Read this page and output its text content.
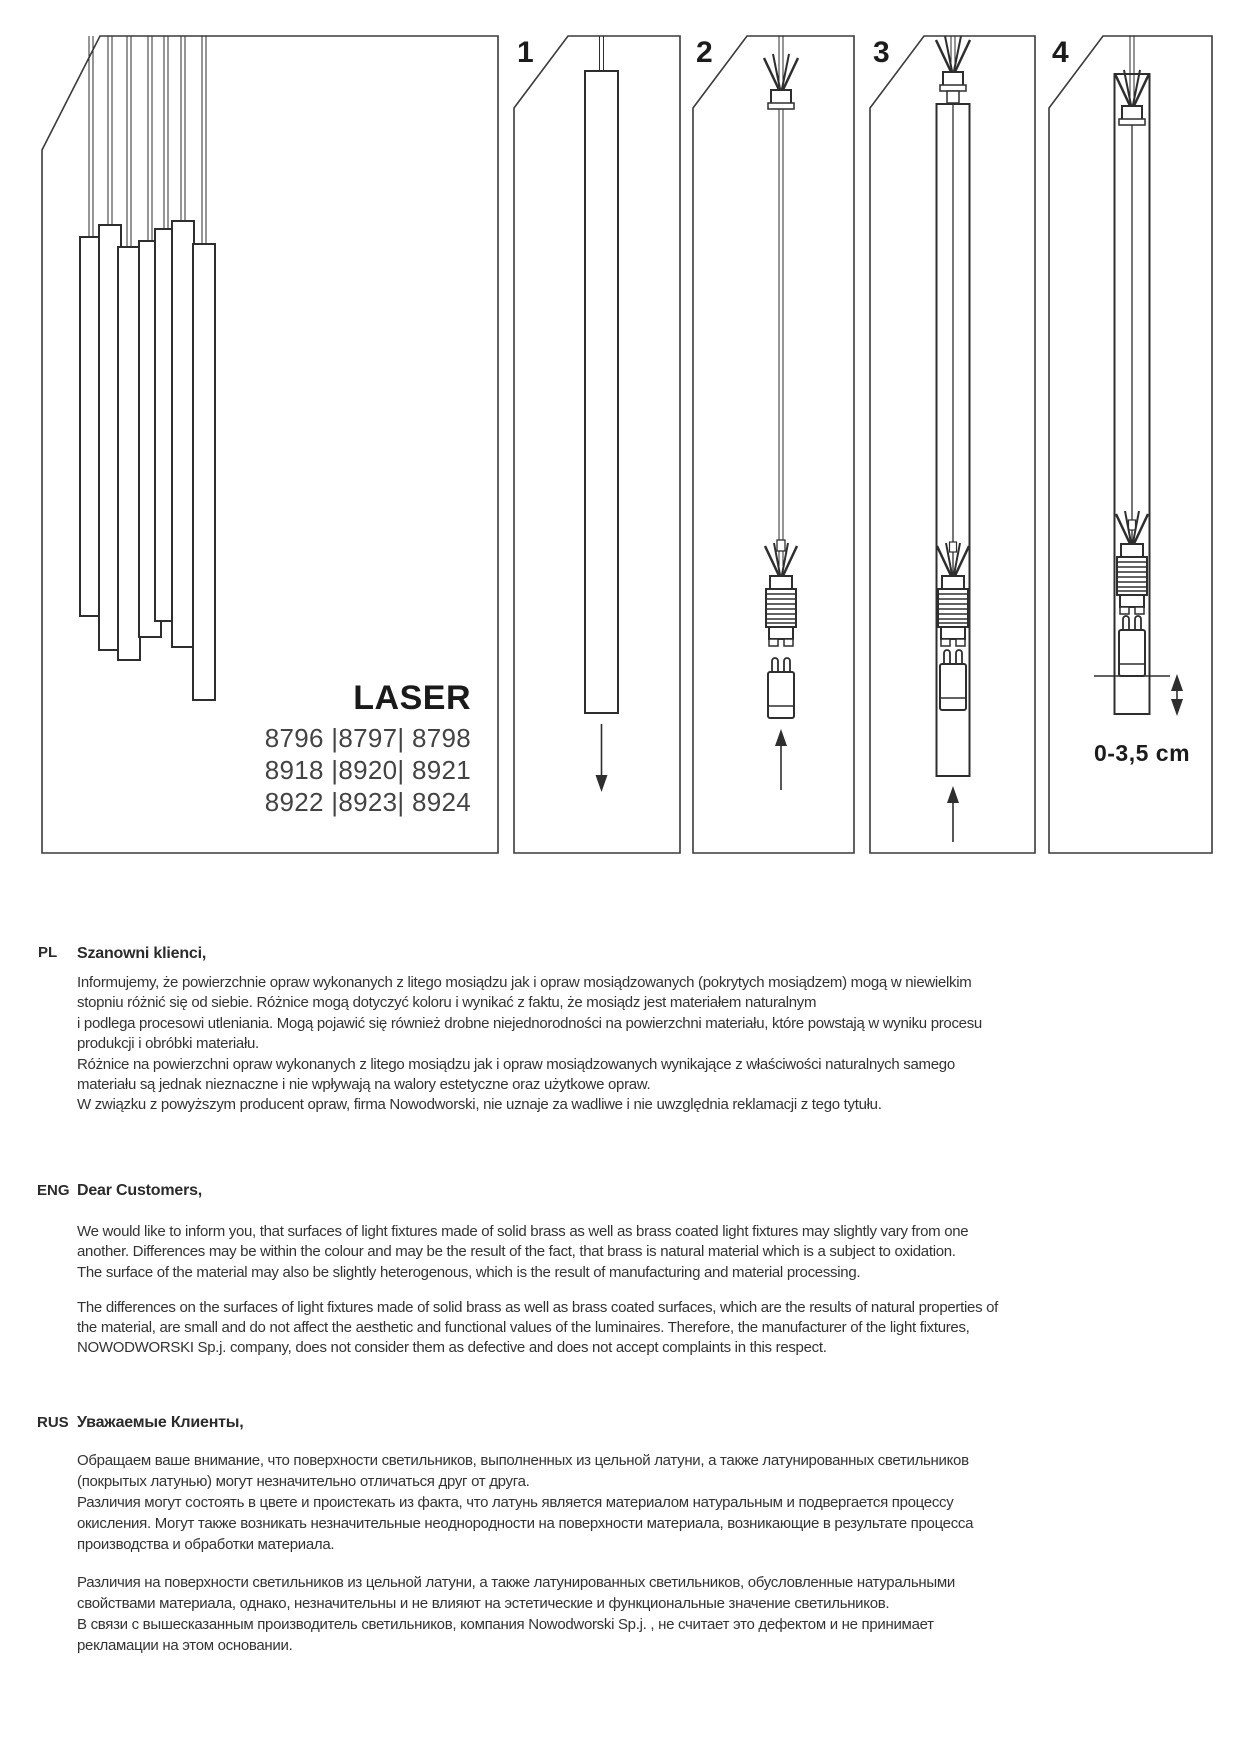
1	2	3	4
LASER
8796 |8797| 8798
8918 |8920| 8921
8922 |8923| 8924
0-3,5 cm
PL Szanowni klienci,
Informujemy, że powierzchnie opraw wykonanych z litego mosiądzu jak i opraw mosiądzowanych (pokrytych mosiądzem) mogą w niewielkim
stopniu różnić się od siebie. Różnice mogą dotyczyć koloru i wynikać z faktu, że mosiądz jest materiałem naturalnym
i podlega procesowi utleniania. Mogą pojawić się również drobne niejednorodności na powierzchni materiału, które powstają w wyniku procesu
produkcji i obróbki materiału.
Różnice na powierzchni opraw wykonanych z litego mosiądzu jak i opraw mosiądzowanych wynikające z właściwości naturalnych samego
materiału są jednak nieznaczne i nie wpływają na walory estetyczne oraz użytkowe opraw.
W związku z powyższym producent opraw, firma Nowodworski, nie uznaje za wadliwe i nie uwzględnia reklamacji z tego tytułu.
ENG Dear Customers,
We would like to inform you, that surfaces of light fixtures made of solid brass as well as brass coated light fixtures may slightly vary from one
another. Differences may be within the colour and may be the result of the fact, that brass is natural material which is a subject to oxidation.
The surface of the material may also be slightly heterogenous, which is the result of manufacturing and material processing.
The differences on the surfaces of light fixtures made of solid brass as well as brass coated surfaces, which are the results of natural properties of
the material, are small and do not affect the aesthetic and functional values of the luminaires. Therefore, the manufacturer of the light fixtures,
NOWODWORSKI Sp.j. company, does not consider them as defective and does not accept complaints in this respect.
RUS Уважаемые Клиенты,
Обращаем ваше внимание, что поверхности светильников, выполненных из цельной латуни, а также латунированных светильников
(покрытых латунью) могут незначительно отличаться друг от друга.
Различия могут состоять в цвете и проистекать из факта, что латунь является материалом натуральным и подвергается процессу
окисления. Могут также возникать незначительные неоднородности на поверхности материала, возникающие в результате процесса
производства и обработки материала.
Различия на поверхности светильников из цельной латуни, а также латунированных светильников, обусловленные натуральными
свойствами материала, однако, незначительны и не влияют на эстетические и функциональные значение светильников.
В связи с вышесказанным производитель светильников, компания Nowodworski Sp.j. , не считает это дефектом и не принимает
рекламации на этом основании.
